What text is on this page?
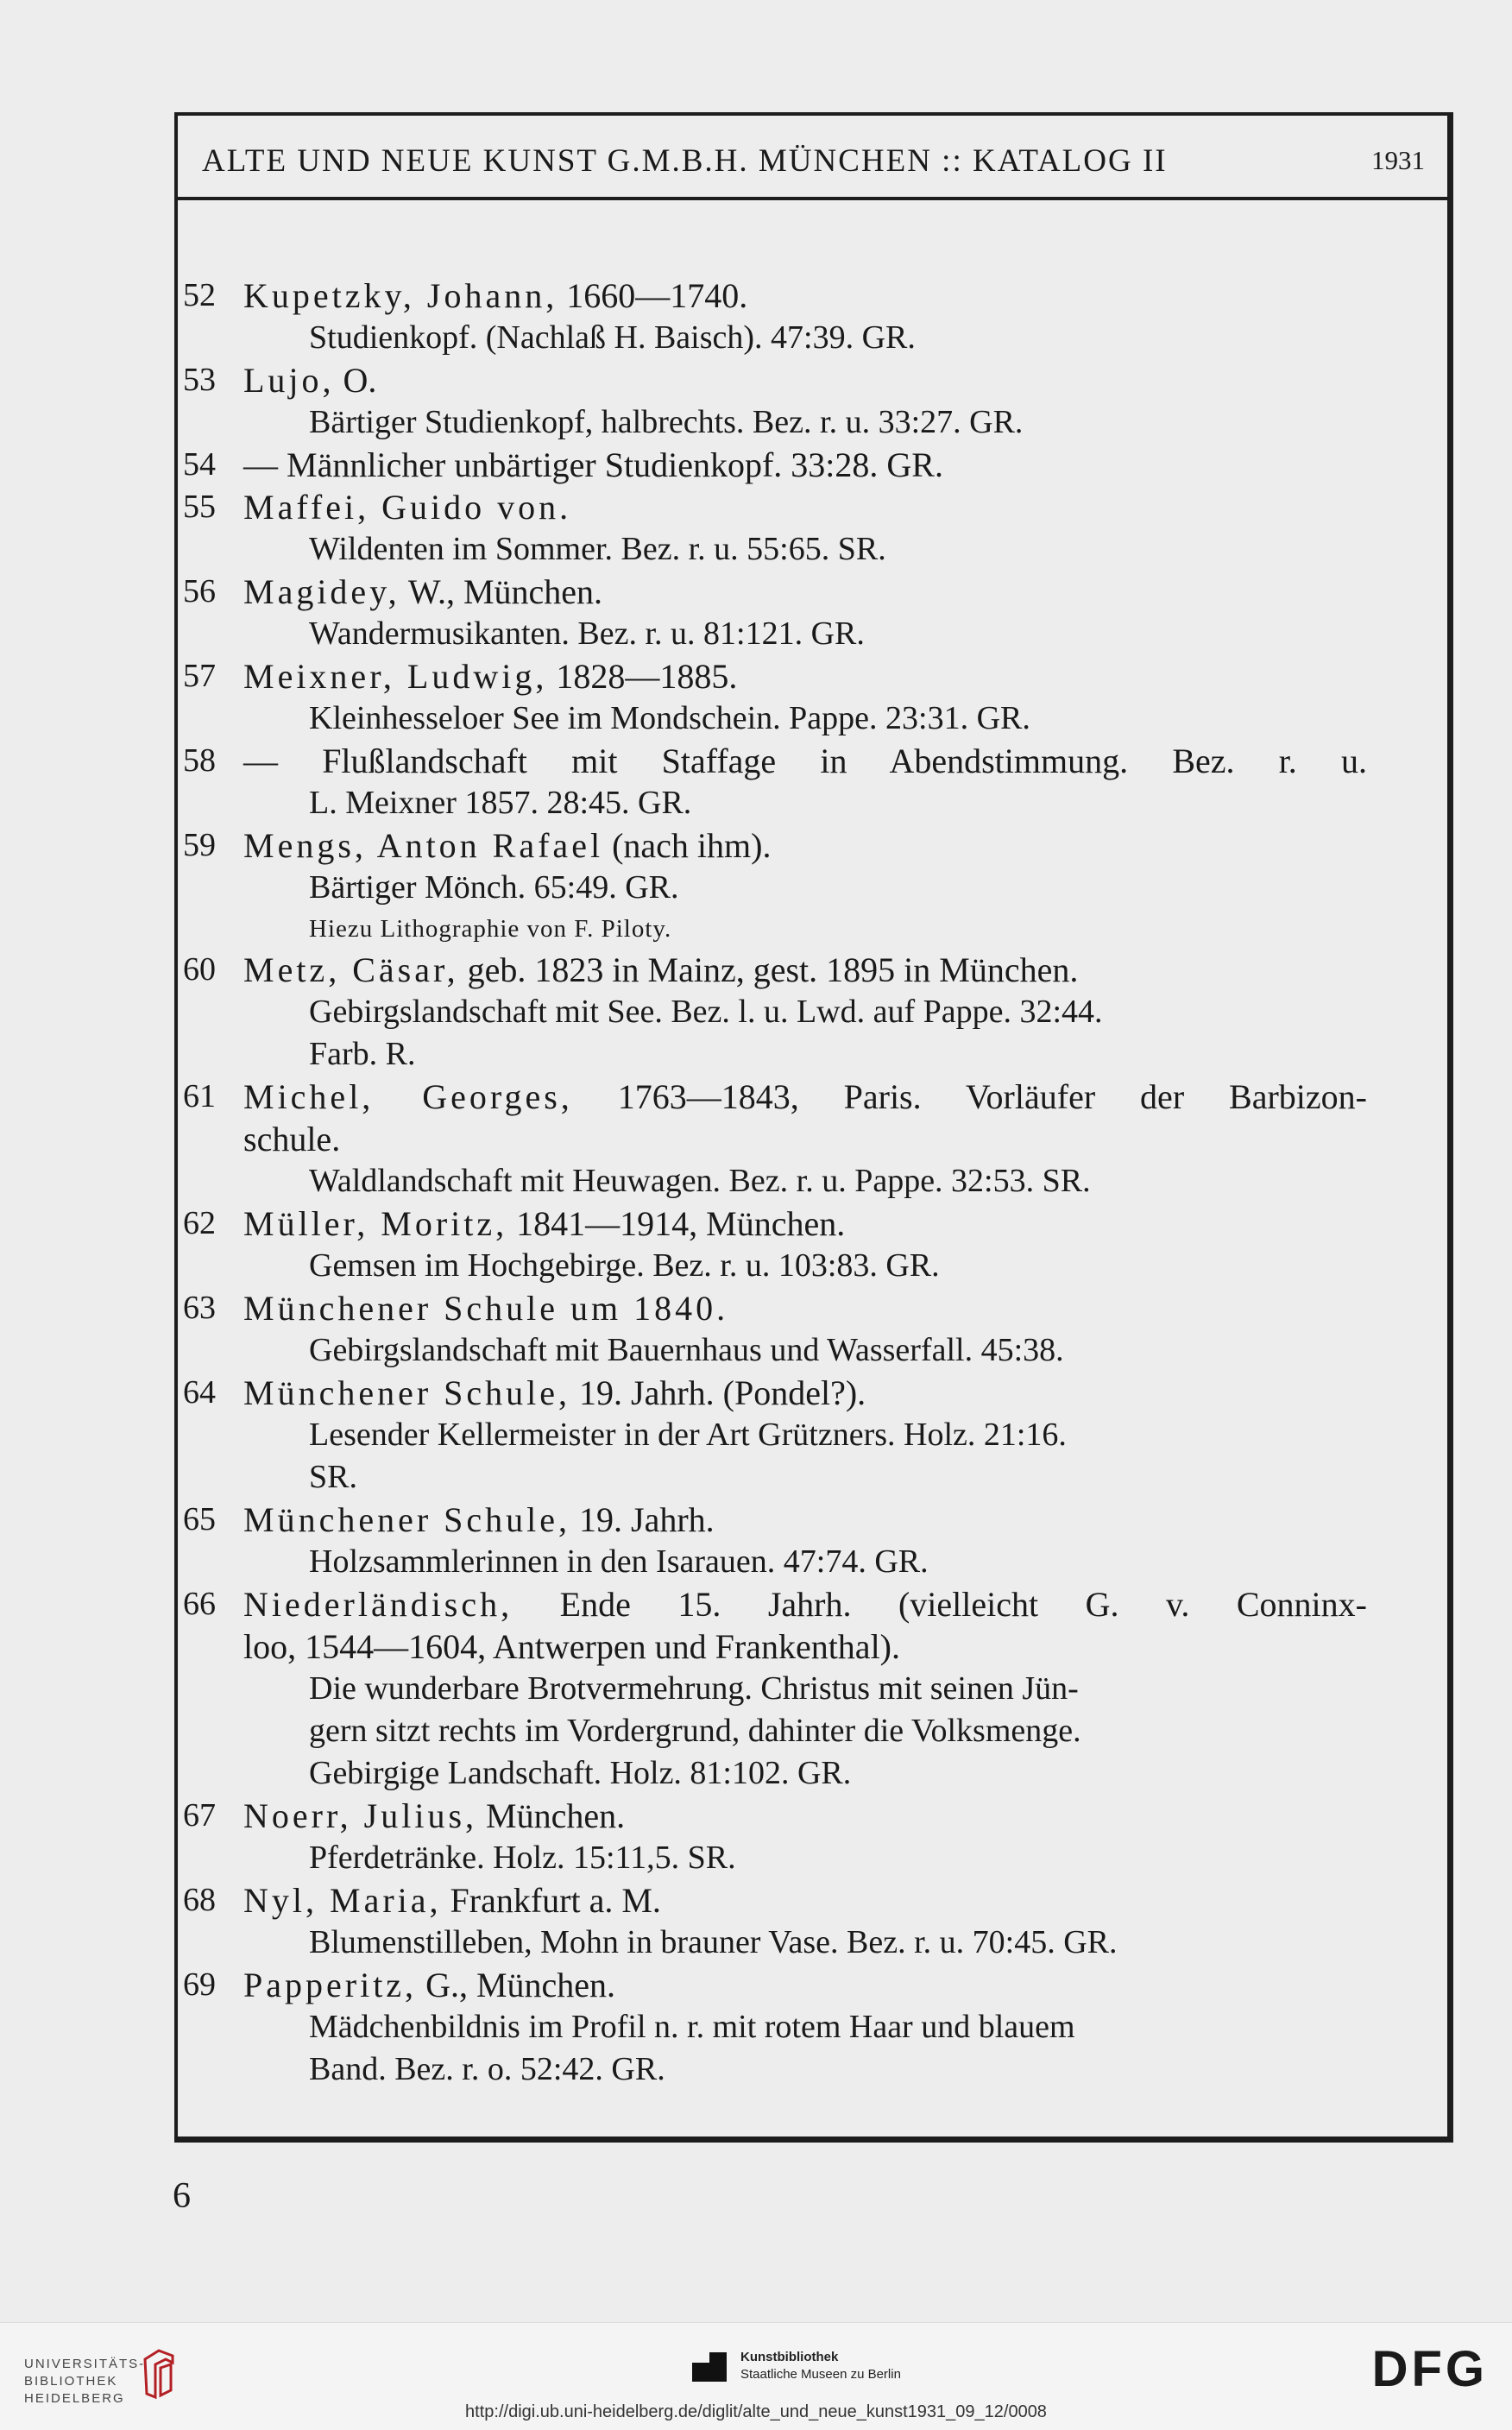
ALTE UND NEUE KUNST G.M.B.H. MÜNCHEN :: KATALOG II	1931
52 Kupetzky, Johann, 1660—1740.
Studienkopf. (Nachlaß H. Baisch). 47:39. GR.
53 Lujo, O.
Bärtiger Studienkopf, halbrechts. Bez. r. u. 33:27. GR.
54 — Männlicher unbärtiger Studienkopf. 33:28. GR.
55 Maffei, Guido von.
Wildenten im Sommer. Bez. r. u. 55:65. SR.
56 Magidey, W., München.
Wandermusikanten. Bez. r. u. 81:121. GR.
57 Meixner, Ludwig, 1828—1885.
Kleinhesseloer See im Mondschein. Pappe. 23:31. GR.
58 — Flußlandschaft mit Staffage in Abendstimmung. Bez. r. u.
L. Meixner 1857. 28:45. GR.
59 Mengs, Anton Rafael (nach ihm).
Bärtiger Mönch. 65:49. GR.
Hiezu Lithographie von F. Piloty.
60 Metz, Cäsar, geb. 1823 in Mainz, gest. 1895 in München.
Gebirgslandschaft mit See. Bez. l. u. Lwd. auf Pappe. 32:44.
Farb. R.
61 Michel, Georges, 1763—1843, Paris. Vorläufer der Barbizon-
schule.
Waldlandschaft mit Heuwagen. Bez. r. u. Pappe. 32:53. SR.
62 Müller, Moritz, 1841—1914, München.
Gemsen im Hochgebirge. Bez. r. u. 103:83. GR.
63 Münchener Schule um 1840.
Gebirgslandschaft mit Bauernhaus und Wasserfall. 45:38.
64 Münchener Schule, 19. Jahrh. (Pondel?).
Lesender Kellermeister in der Art Grützners. Holz. 21:16.
SR.
65 Münchener Schule, 19. Jahrh.
Holzsammlerinnen in den Isarauen. 47:74. GR.
66 Niederländisch, Ende 15. Jahrh. (vielleicht G. v. Conninx-
loo, 1544—1604, Antwerpen und Frankenthal).
Die wunderbare Brotvermehrung. Christus mit seinen Jün-
gern sitzt rechts im Vordergrund, dahinter die Volksmenge.
Gebirgige Landschaft. Holz. 81:102. GR.
67 Noerr, Julius, München.
Pferdetränke. Holz. 15:11,5. SR.
68 Nyl, Maria, Frankfurt a. M.
Blumenstilleben, Mohn in brauner Vase. Bez. r. u. 70:45. GR.
69 Papperitz, G., München.
Mädchenbildnis im Profil n. r. mit rotem Haar und blauem
Band. Bez. r. o. 52:42. GR.
6
UNIVERSITÄTS-
BIBLIOTHEK
HEIDELBERG
Kunstbibliothek
Staatliche Museen zu Berlin	DFG
http://digi.ub.uni-heidelberg.de/diglit/alte_und_neue_kunst1931_09_12/0008
